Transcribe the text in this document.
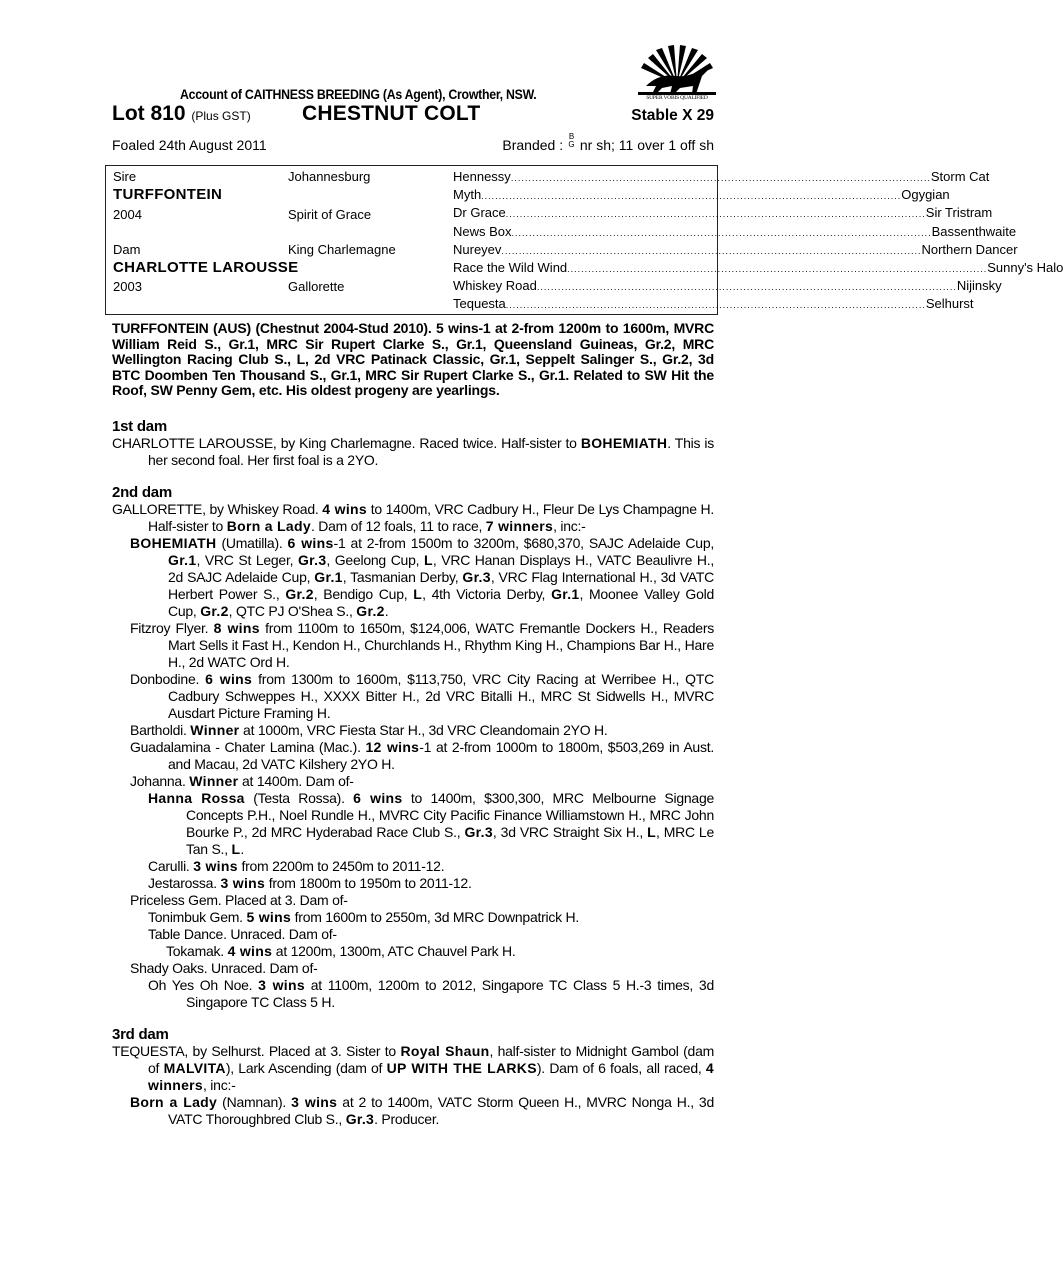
SUPER VOBIS QUALIFIED
Account of CAITHNESS BREEDING (As Agent), Crowther, NSW.
Lot 810 (Plus GST) CHESTNUT COLT	Stable X 29
Foaled 24th August 2011	Branded :
B
G nr sh; 11 over 1 off sh
Sire
TURFFONTEIN
2004
Dam
CHARLOTTE LAROUSSE
2003
Johannesburg
Spirit of Grace
King Charlemagne
Gallorette
Hennessy ........................................................................................................................ Storm Cat
Myth ........................................................................................................................ Ogygian
Dr Grace ........................................................................................................................ Sir Tristram
News Box ........................................................................................................................ Bassenthwaite
Nureyev ........................................................................................................................ Northern Dancer
Race the Wild Wind ........................................................................................................................ Sunny's Halo
Whiskey Road ........................................................................................................................ Nijinsky
Tequesta ........................................................................................................................ Selhurst
TURFFONTEIN (AUS) (Chestnut 2004-Stud 2010). 5 wins-1 at 2-from 1200m to 1600m, MVRC William Reid S., Gr.1, MRC Sir Rupert Clarke S., Gr.1, Queensland Guineas, Gr.2, MRC Wellington Racing Club S., L, 2d VRC Patinack Classic, Gr.1, Seppelt Salinger S., Gr.2, 3d BTC Doomben Ten Thousand S., Gr.1, MRC Sir Rupert Clarke S., Gr.1. Related to SW Hit the Roof, SW Penny Gem, etc. His oldest progeny are yearlings.
1st dam
CHARLOTTE LAROUSSE, by King Charlemagne. Raced twice. Half-sister to BOHEMIATH. This is her second foal. Her first foal is a 2YO.
2nd dam
GALLORETTE, by Whiskey Road. 4 wins to 1400m, VRC Cadbury H., Fleur De Lys Champagne H. Half-sister to Born a Lady. Dam of 12 foals, 11 to race, 7 winners, inc:-
BOHEMIATH (Umatilla). 6 wins-1 at 2-from 1500m to 3200m, $680,370, SAJC Adelaide Cup, Gr.1, VRC St Leger, Gr.3, Geelong Cup, L, VRC Hanan Displays H., VATC Beaulivre H., 2d SAJC Adelaide Cup, Gr.1, Tasmanian Derby, Gr.3, VRC Flag International H., 3d VATC Herbert Power S., Gr.2, Bendigo Cup, L, 4th Victoria Derby, Gr.1, Moonee Valley Gold Cup, Gr.2, QTC PJ O'Shea S., Gr.2.
Fitzroy Flyer. 8 wins from 1100m to 1650m, $124,006, WATC Fremantle Dockers H., Readers Mart Sells it Fast H., Kendon H., Churchlands H., Rhythm King H., Champions Bar H., Hare H., 2d WATC Ord H.
Donbodine. 6 wins from 1300m to 1600m, $113,750, VRC City Racing at Werribee H., QTC Cadbury Schweppes H., XXXX Bitter H., 2d VRC Bitalli H., MRC St Sidwells H., MVRC Ausdart Picture Framing H.
Bartholdi. Winner at 1000m, VRC Fiesta Star H., 3d VRC Cleandomain 2YO H.
Guadalamina - Chater Lamina (Mac.). 12 wins-1 at 2-from 1000m to 1800m, $503,269 in Aust. and Macau, 2d VATC Kilshery 2YO H.
Johanna. Winner at 1400m. Dam of-
Hanna Rossa (Testa Rossa). 6 wins to 1400m, $300,300, MRC Melbourne Signage Concepts P.H., Noel Rundle H., MVRC City Pacific Finance Williamstown H., MRC John Bourke P., 2d MRC Hyderabad Race Club S., Gr.3, 3d VRC Straight Six H., L, MRC Le Tan S., L.
Carulli. 3 wins from 2200m to 2450m to 2011-12.
Jestarossa. 3 wins from 1800m to 1950m to 2011-12.
Priceless Gem. Placed at 3. Dam of-
Tonimbuk Gem. 5 wins from 1600m to 2550m, 3d MRC Downpatrick H.
Table Dance. Unraced. Dam of-
Tokamak. 4 wins at 1200m, 1300m, ATC Chauvel Park H.
Shady Oaks. Unraced. Dam of-
Oh Yes Oh Noe. 3 wins at 1100m, 1200m to 2012, Singapore TC Class 5 H.-3 times, 3d Singapore TC Class 5 H.
3rd dam
TEQUESTA, by Selhurst. Placed at 3. Sister to Royal Shaun, half-sister to Midnight Gambol (dam of MALVITA), Lark Ascending (dam of UP WITH THE LARKS). Dam of 6 foals, all raced, 4 winners, inc:-
Born a Lady (Namnan). 3 wins at 2 to 1400m, VATC Storm Queen H., MVRC Nonga H., 3d VATC Thoroughbred Club S., Gr.3. Producer.
